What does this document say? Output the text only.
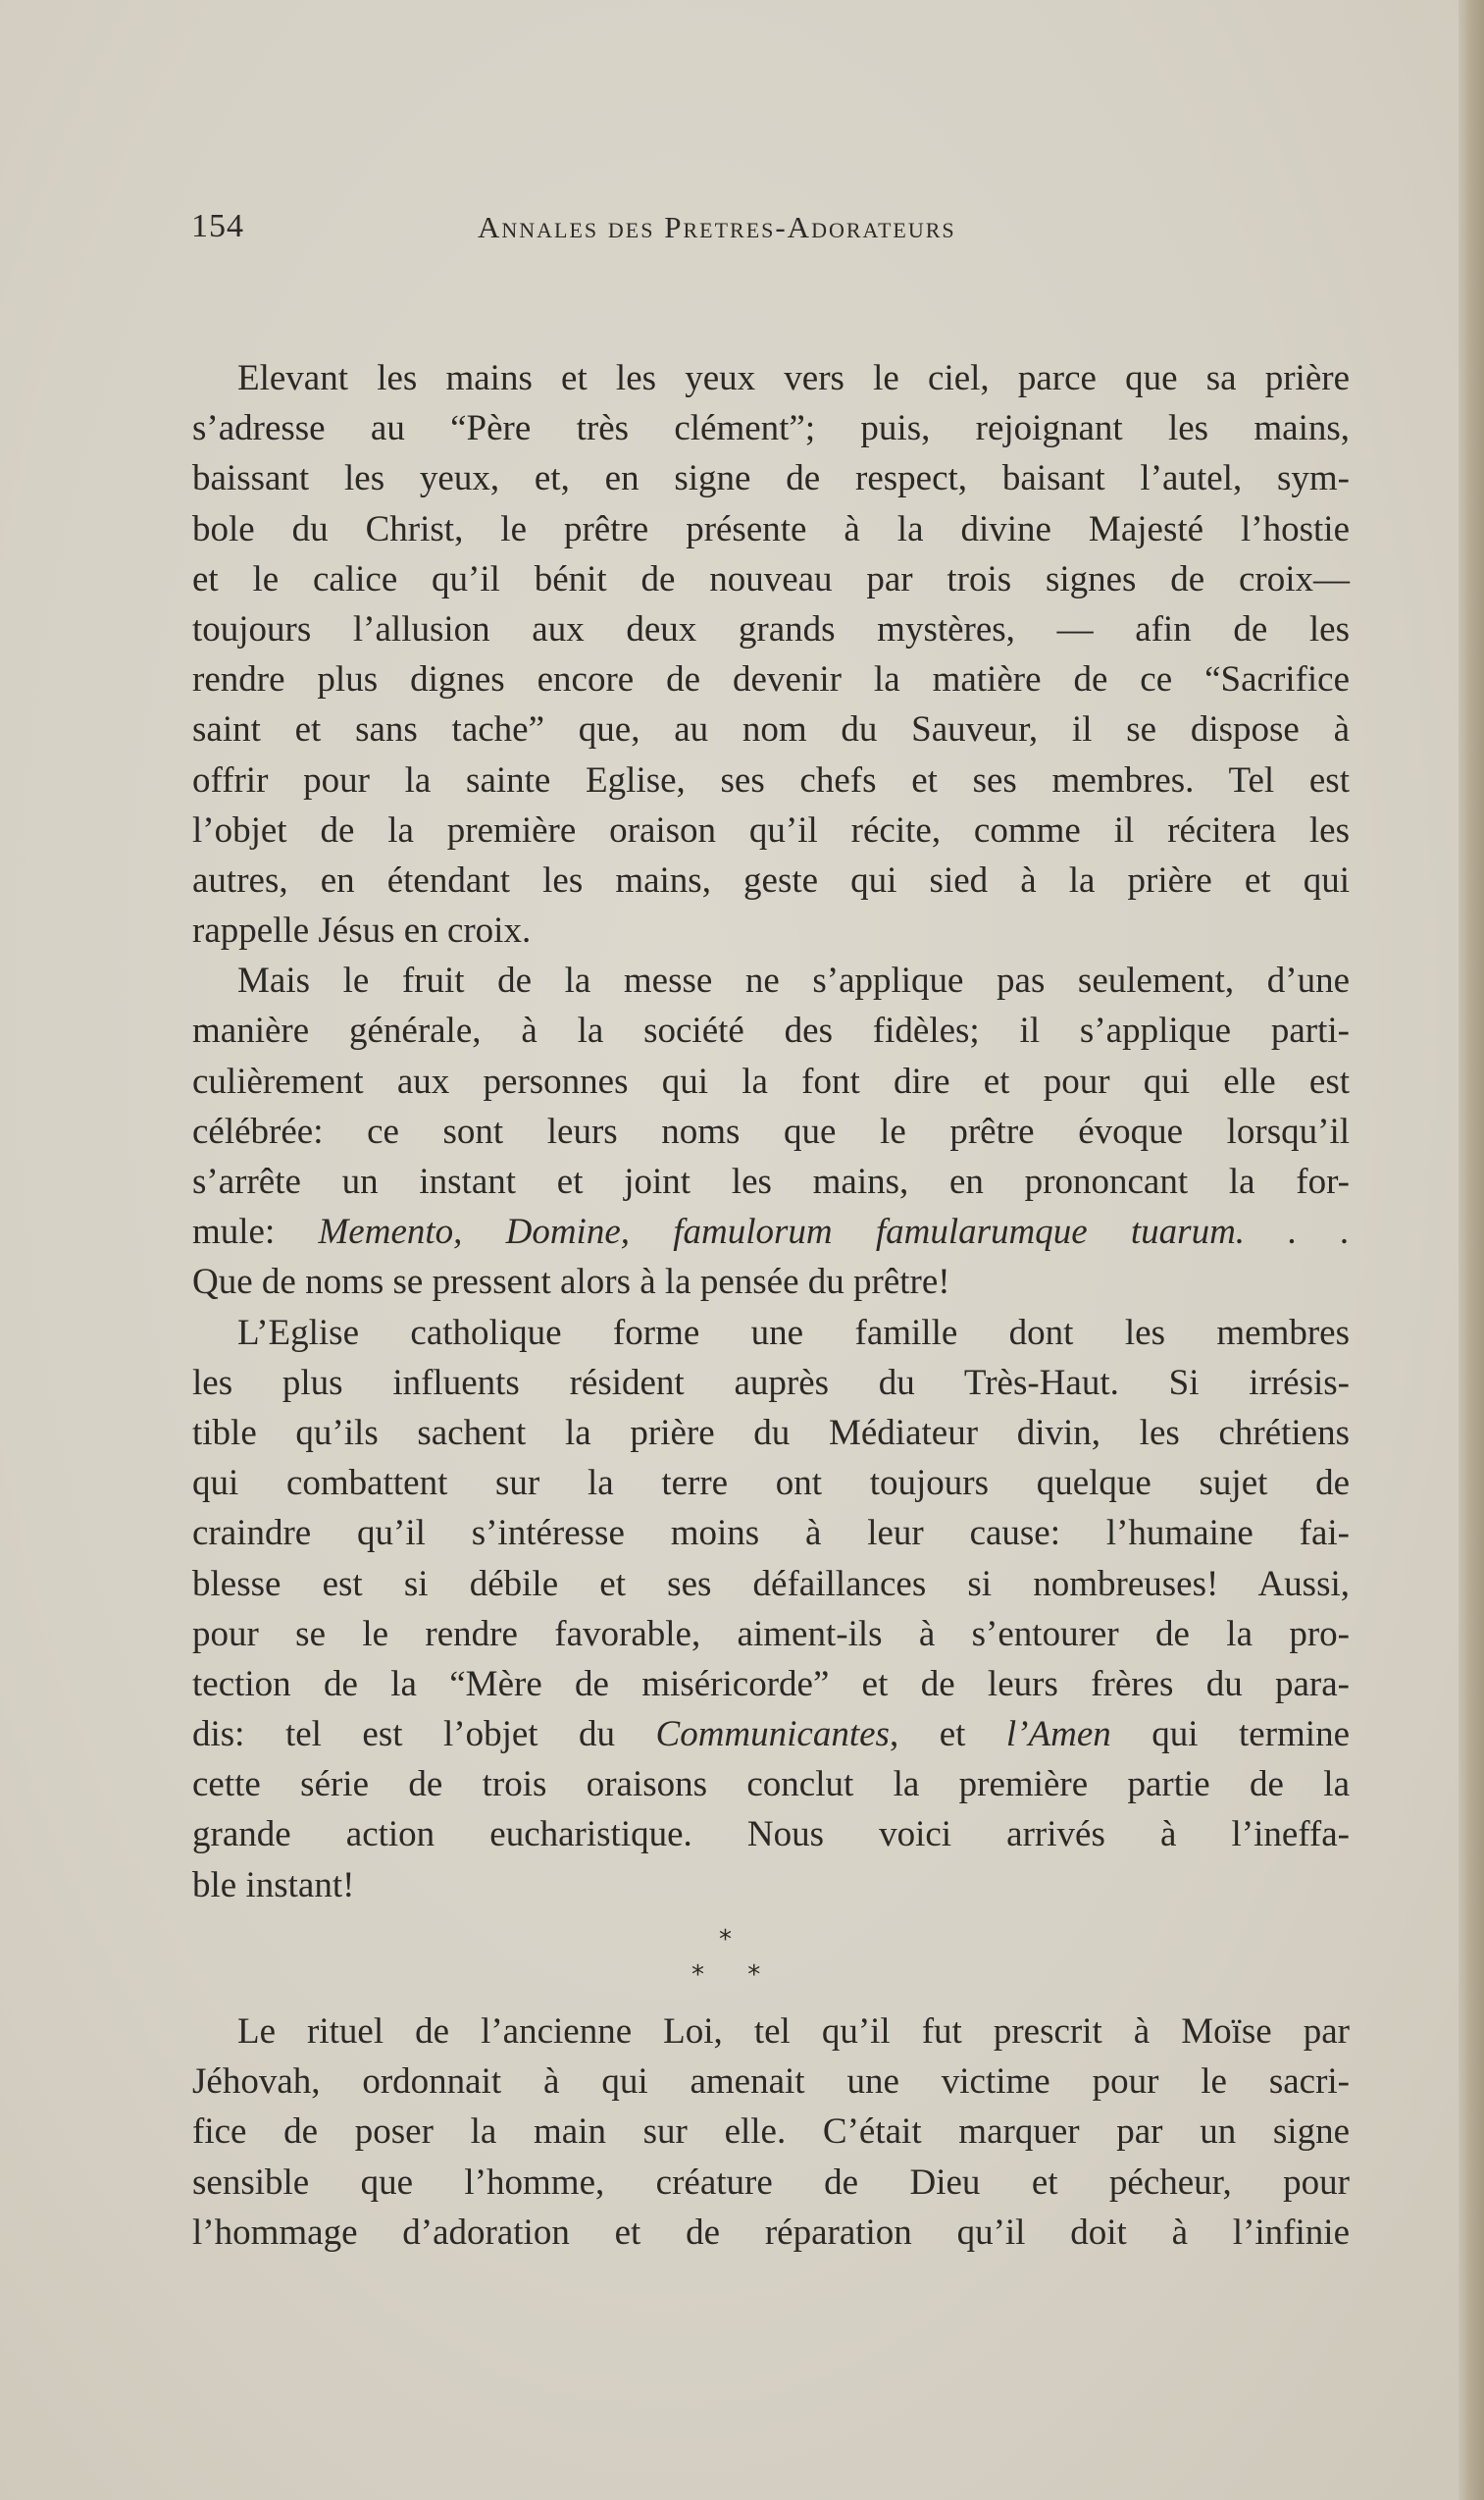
154	Annales des Pretres-Adorateurs
Elevant les mains et les yeux vers le ciel, parce que sa prière
s’adresse au “Père très clément”; puis, rejoignant les mains,
baissant les yeux, et, en signe de respect, baisant l’autel, sym-
bole du Christ, le prêtre présente à la divine Majesté l’hostie
et le calice qu’il bénit de nouveau par trois signes de croix—
toujours l’allusion aux deux grands mystères, — afin de les
rendre plus dignes encore de devenir la matière de ce “Sacrifice
saint et sans tache” que, au nom du Sauveur, il se dispose à
offrir pour la sainte Eglise, ses chefs et ses membres. Tel est
l’objet de la première oraison qu’il récite, comme il récitera les
autres, en étendant les mains, geste qui sied à la prière et qui
rappelle Jésus en croix.
Mais le fruit de la messe ne s’applique pas seulement, d’une
manière générale, à la société des fidèles; il s’applique parti-
culièrement aux personnes qui la font dire et pour qui elle est
célébrée: ce sont leurs noms que le prêtre évoque lorsqu’il
s’arrête un instant et joint les mains, en prononcant la for-
mule: Memento, Domine, famulorum famularumque tuarum. . .
Que de noms se pressent alors à la pensée du prêtre!
L’Eglise catholique forme une famille dont les membres
les plus influents résident auprès du Très-Haut. Si irrésis-
tible qu’ils sachent la prière du Médiateur divin, les chrétiens
qui combattent sur la terre ont toujours quelque sujet de
craindre qu’il s’intéresse moins à leur cause: l’humaine fai-
blesse est si débile et ses défaillances si nombreuses! Aussi,
pour se le rendre favorable, aiment-ils à s’entourer de la pro-
tection de la “Mère de miséricorde” et de leurs frères du para-
dis: tel est l’objet du Communicantes, et l’Amen qui termine
cette série de trois oraisons conclut la première partie de la
grande action eucharistique. Nous voici arrivés à l’ineffa-
ble instant!
*
* *
Le rituel de l’ancienne Loi, tel qu’il fut prescrit à Moïse par
Jéhovah, ordonnait à qui amenait une victime pour le sacri-
fice de poser la main sur elle. C’était marquer par un signe
sensible que l’homme, créature de Dieu et pécheur, pour
l’hommage d’adoration et de réparation qu’il doit à l’infinie
